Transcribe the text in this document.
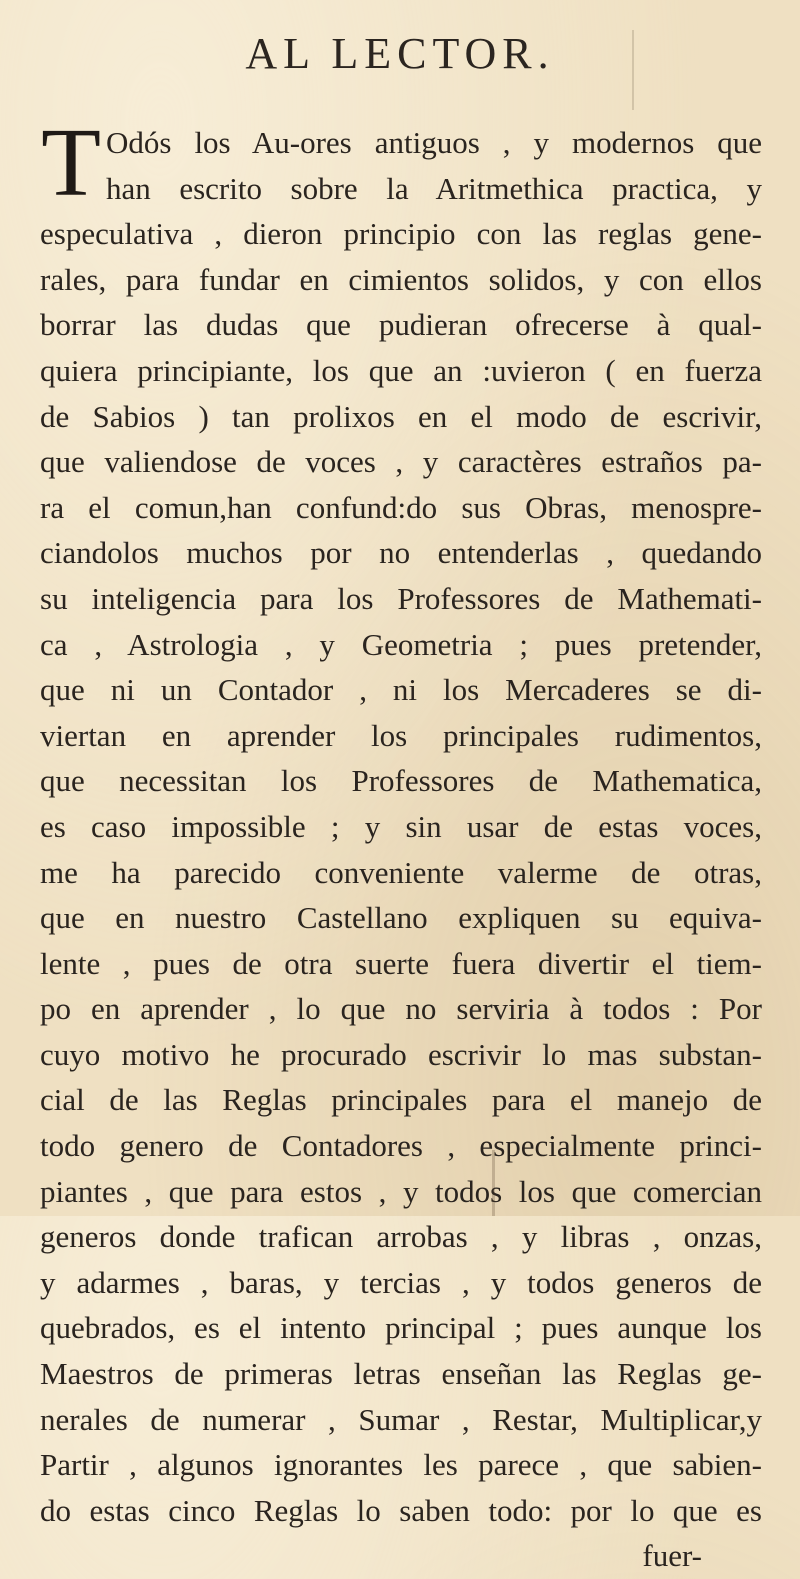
AL LECTOR.
T Odós los Au-ores antiguos , y modernos que
han escrito sobre la Aritmethica practica, y
especulativa , dieron principio con las reglas gene-
rales, para fundar en cimientos solidos, y con ellos
borrar las dudas que pudieran ofrecerse à qual-
quiera principiante, los que an :uvieron ( en fuerza
de Sabios ) tan prolixos en el modo de escrivir,
que valiendose de voces , y caractères estraños pa-
ra el comun,han confund:do sus Obras, menospre-
ciandolos muchos por no entenderlas , quedando
su inteligencia para los Professores de Mathemati-
ca , Astrologia , y Geometria ; pues pretender,
que ni un Contador , ni los Mercaderes se di-
viertan en aprender los principales rudimentos,
que necessitan los Professores de Mathematica,
es caso impossible ; y sin usar de estas voces,
me ha parecido conveniente valerme de otras,
que en nuestro Castellano expliquen su equiva-
lente , pues de otra suerte fuera divertir el tiem-
po en aprender , lo que no serviria à todos : Por
cuyo motivo he procurado escrivir lo mas substan-
cial de las Reglas principales para el manejo de
todo genero de Contadores , especialmente princi-
piantes , que para estos , y todos los que comercian
generos donde trafican arrobas , y libras , onzas,
y adarmes , baras, y tercias , y todos generos de
quebrados, es el intento principal ; pues aunque los
Maestros de primeras letras enseñan las Reglas ge-
nerales de numerar , Sumar , Restar, Multiplicar,y
Partir , algunos ignorantes les parece , que sabien-
do estas cinco Reglas lo saben todo: por lo que es
fuer-
